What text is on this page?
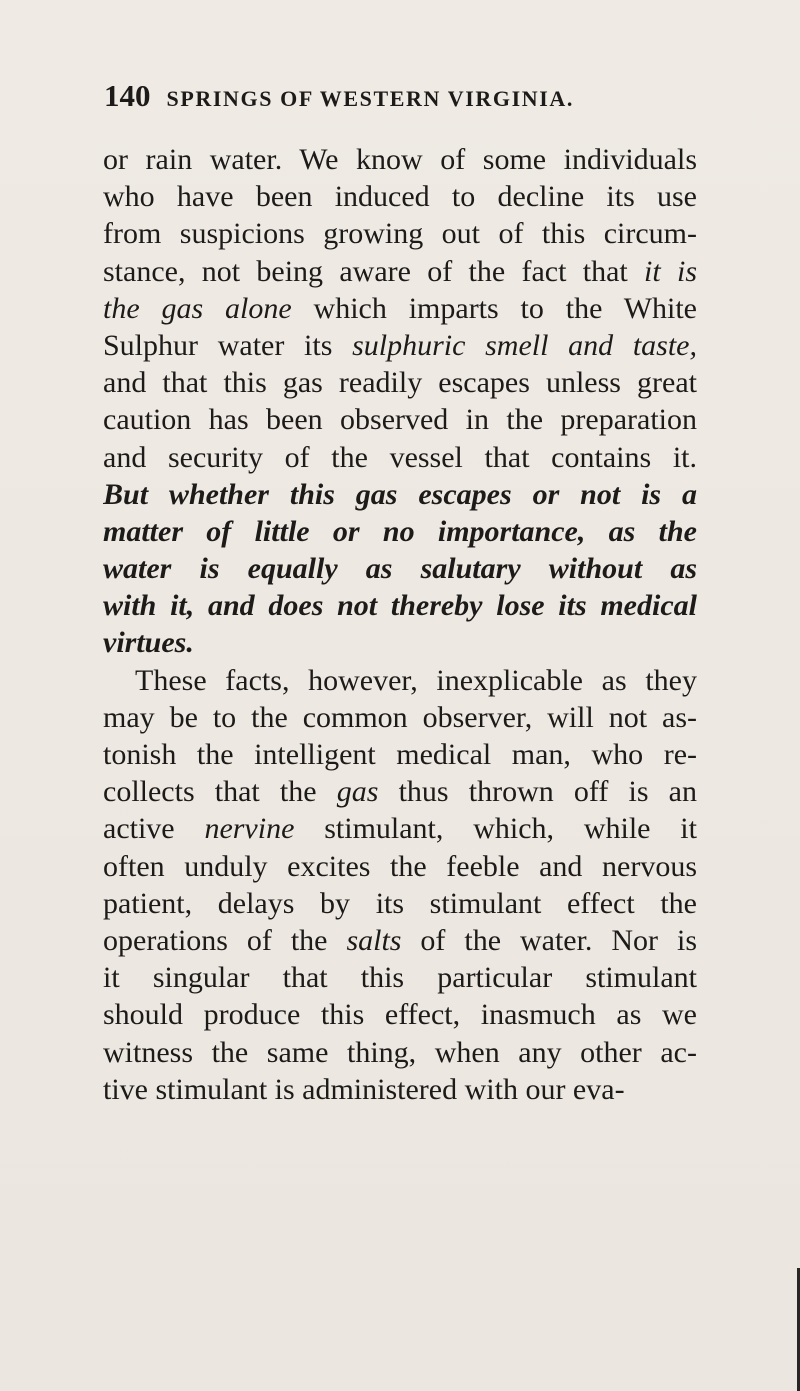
140 SPRINGS OF WESTERN VIRGINIA.
or rain water. We know of some individuals
who have been induced to decline its use
from suspicions growing out of this circum-
stance, not being aware of the fact that it is
the gas alone which imparts to the White
Sulphur water its sulphuric smell and taste,
and that this gas readily escapes unless great
caution has been observed in the preparation
and security of the vessel that contains it.
But whether this gas escapes or not is a
matter of little or no importance, as the
water is equally as salutary without as
with it, and does not thereby lose its medical
virtues.
These facts, however, inexplicable as they
may be to the common observer, will not as-
tonish the intelligent medical man, who re-
collects that the gas thus thrown off is an
active nervine stimulant, which, while it
often unduly excites the feeble and nervous
patient, delays by its stimulant effect the
operations of the salts of the water. Nor is
it singular that this particular stimulant
should produce this effect, inasmuch as we
witness the same thing, when any other ac-
tive stimulant is administered with our eva-
